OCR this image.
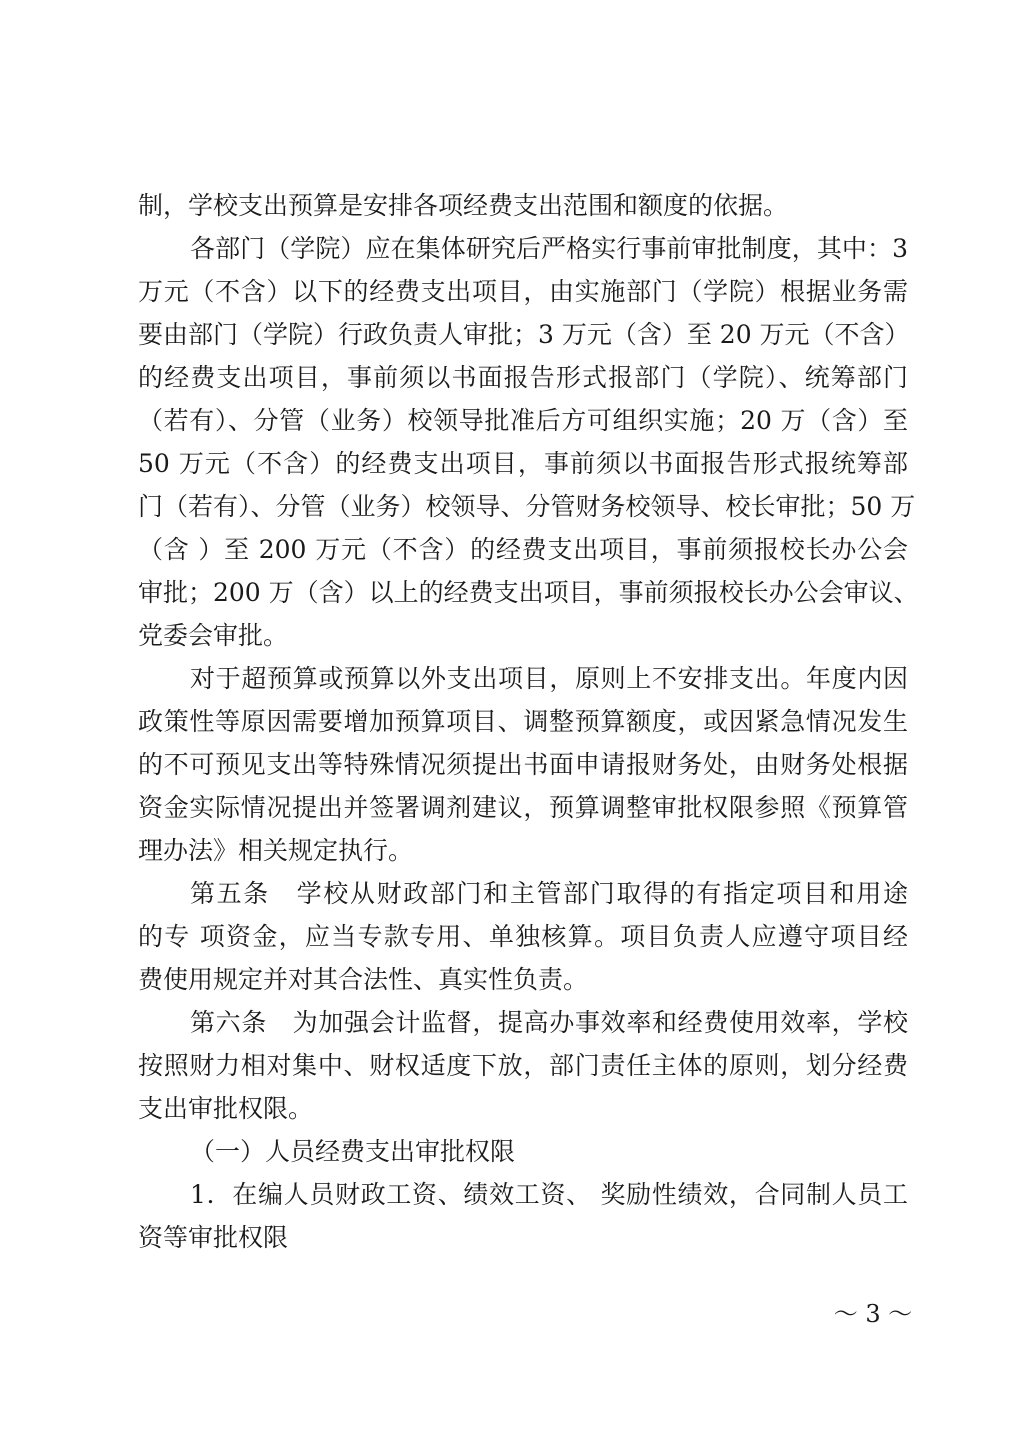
制，学校支出预算是安排各项经费支出范围和额度的依据。
各部门（学院）应在集体研究后严格实行事前审批制度，其中：3
万元（不含）以下的经费支出项目，由实施部门（学院）根据业务需
要由部门（学院）行政负责人审批；3 万元（含）至 20 万元（不含）
的经费支出项目，事前须以书面报告形式报部门（学院）、统筹部门
（若有）、分管（业务）校领导批准后方可组织实施；20 万（含）至
50 万元（不含）的经费支出项目，事前须以书面报告形式报统筹部
门（若有）、分管（业务）校领导、分管财务校领导、校长审批；50 万
（含 ）至 200 万元（不含）的经费支出项目，事前须报校长办公会
审批；200 万（含）以上的经费支出项目，事前须报校长办公会审议、
党委会审批。
对于超预算或预算以外支出项目，原则上不安排支出。年度内因
政策性等原因需要增加预算项目、调整预算额度，或因紧急情况发生
的不可预见支出等特殊情况须提出书面申请报财务处，由财务处根据
资金实际情况提出并签署调剂建议，预算调整审批权限参照《预算管
理办法》相关规定执行。
第五条　学校从财政部门和主管部门取得的有指定项目和用途
的专 项资金，应当专款专用、单独核算。项目负责人应遵守项目经
费使用规定并对其合法性、真实性负责。
第六条　为加强会计监督，提高办事效率和经费使用效率，学校
按照财力相对集中、财权适度下放，部门责任主体的原则，划分经费
支出审批权限。
（一）人员经费支出审批权限
1．在编人员财政工资、绩效工资、 奖励性绩效，合同制人员工
资等审批权限
～ 3 ～
